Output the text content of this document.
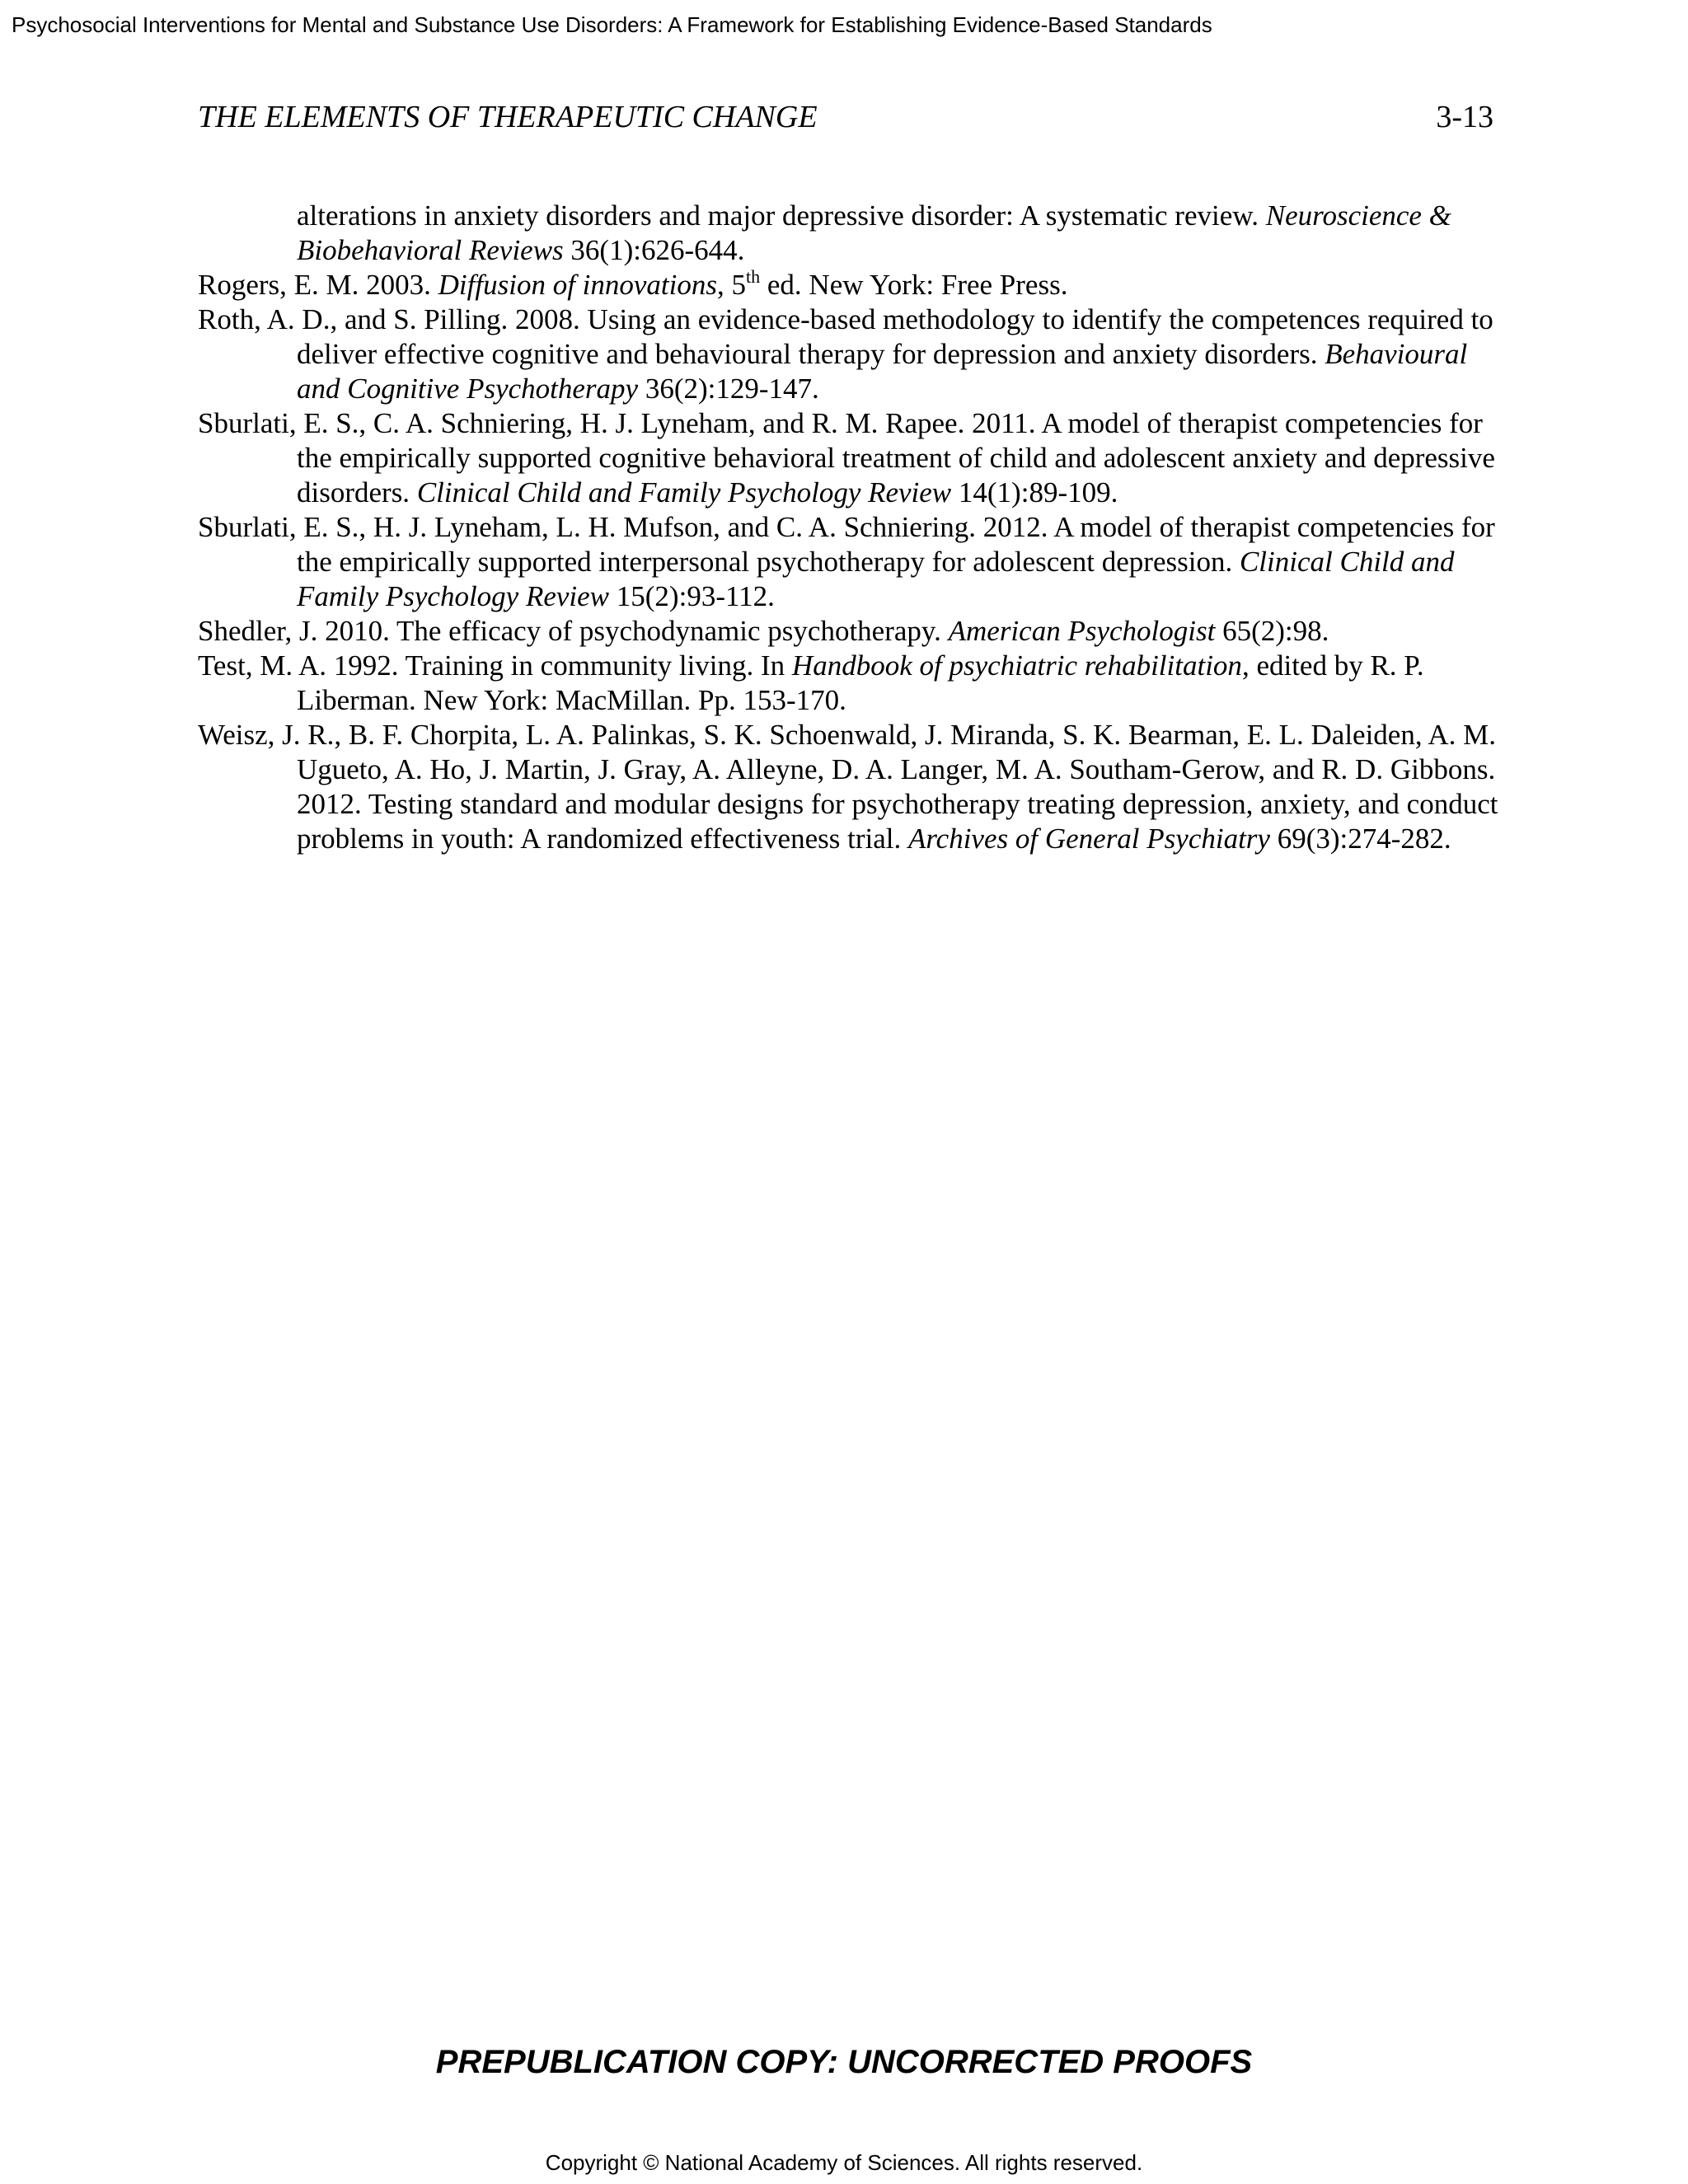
Psychosocial Interventions for Mental and Substance Use Disorders: A Framework for Establishing Evidence-Based Standards
THE ELEMENTS OF THERAPEUTIC CHANGE	3-13

alterations in anxiety disorders and major depressive disorder: A systematic review. Neuroscience & Biobehavioral Reviews 36(1):626-644.

Rogers, E. M. 2003. Diffusion of innovations, 5th ed. New York: Free Press.

Roth, A. D., and S. Pilling. 2008. Using an evidence-based methodology to identify the competences required to deliver effective cognitive and behavioural therapy for depression and anxiety disorders. Behavioural and Cognitive Psychotherapy 36(2):129-147.

Sburlati, E. S., C. A. Schniering, H. J. Lyneham, and R. M. Rapee. 2011. A model of therapist competencies for the empirically supported cognitive behavioral treatment of child and adolescent anxiety and depressive disorders. Clinical Child and Family Psychology Review 14(1):89-109.

Sburlati, E. S., H. J. Lyneham, L. H. Mufson, and C. A. Schniering. 2012. A model of therapist competencies for the empirically supported interpersonal psychotherapy for adolescent depression. Clinical Child and Family Psychology Review 15(2):93-112.

Shedler, J. 2010. The efficacy of psychodynamic psychotherapy. American Psychologist 65(2):98.

Test, M. A. 1992. Training in community living. In Handbook of psychiatric rehabilitation, edited by R. P. Liberman. New York: MacMillan. Pp. 153-170.

Weisz, J. R., B. F. Chorpita, L. A. Palinkas, S. K. Schoenwald, J. Miranda, S. K. Bearman, E. L. Daleiden, A. M. Ugueto, A. Ho, J. Martin, J. Gray, A. Alleyne, D. A. Langer, M. A. Southam-Gerow, and R. D. Gibbons. 2012. Testing standard and modular designs for psychotherapy treating depression, anxiety, and conduct problems in youth: A randomized effectiveness trial. Archives of General Psychiatry 69(3):274-282.

PREPUBLICATION COPY: UNCORRECTED PROOFS
Copyright © National Academy of Sciences. All rights reserved.
